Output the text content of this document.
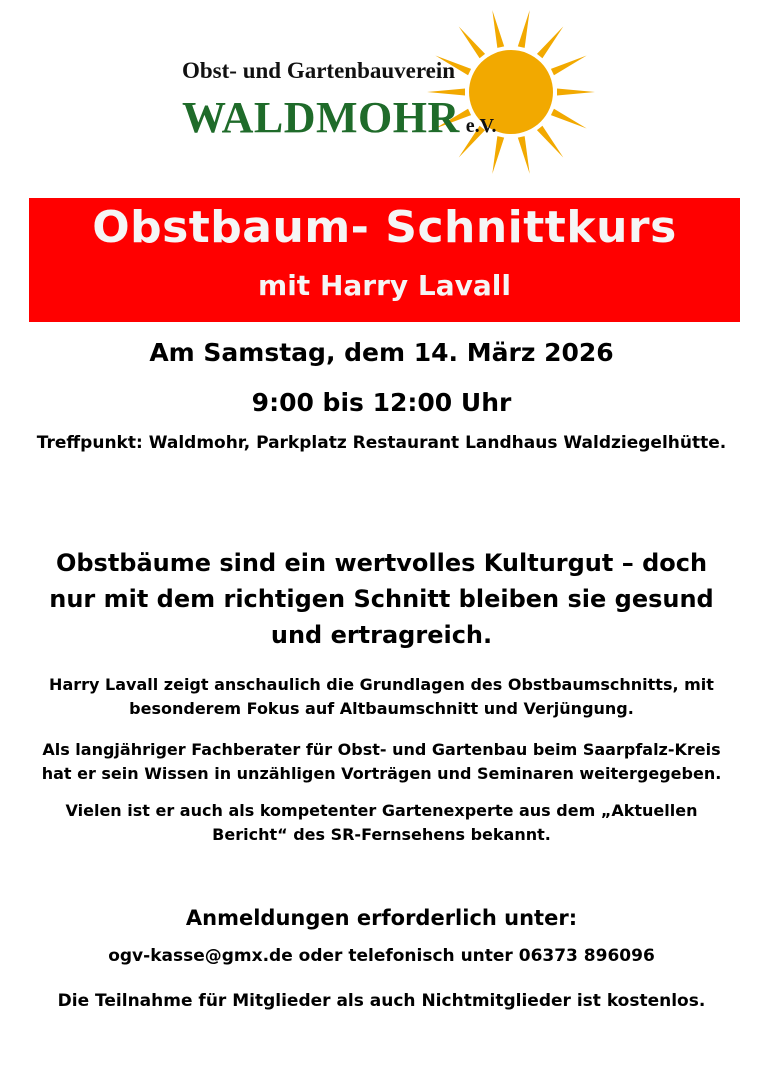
Obst- und Gartenbauverein
WALDMOHR e.V.
Obstbaum- Schnittkurs
mit Harry Lavall
Am Samstag, dem 14. März 2026
9:00 bis 12:00 Uhr
Treffpunkt: Waldmohr, Parkplatz Restaurant Landhaus Waldziegelhütte.
Obstbäume sind ein wertvolles Kulturgut – doch nur mit dem richtigen Schnitt bleiben sie gesund und ertragreich.
Harry Lavall zeigt anschaulich die Grundlagen des Obstbaumschnitts, mit besonderem Fokus auf Altbaumschnitt und Verjüngung.
Als langjähriger Fachberater für Obst- und Gartenbau beim Saarpfalz-Kreis hat er sein Wissen in unzähligen Vorträgen und Seminaren weitergegeben.
Vielen ist er auch als kompetenter Gartenexperte aus dem „Aktuellen Bericht“ des SR-Fernsehens bekannt.
Anmeldungen erforderlich unter:
ogv-kasse@gmx.de oder telefonisch unter 06373 896096
Die Teilnahme für Mitglieder als auch Nichtmitglieder ist kostenlos.
